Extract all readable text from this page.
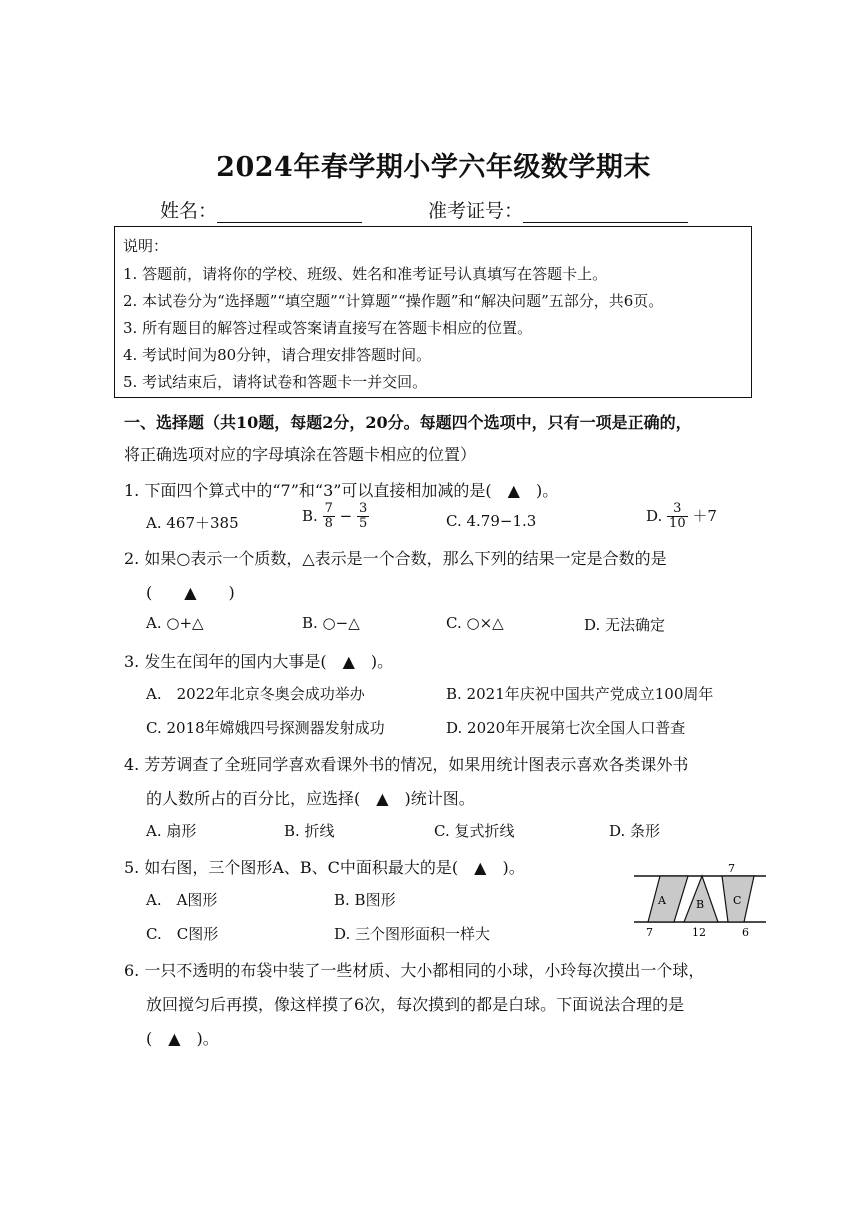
2024年春学期小学六年级数学期末
姓名：	准考证号：
说明：
1. 答题前，请将你的学校、班级、姓名和准考证号认真填写在答题卡上。
2. 本试卷分为“选择题”“填空题”“计算题”“操作题”和“解决问题”五部分，共6页。
3. 所有题目的解答过程或答案请直接写在答题卡相应的位置。
4. 考试时间为80分钟，请合理安排答题时间。
5. 考试结束后，请将试卷和答题卡一并交回。
一、选择题（共10题，每题2分，20分。每题四个选项中，只有一项是正确的，
将正确选项对应的字母填涂在答题卡相应的位置）
1. 下面四个算式中的“7”和“3”可以直接相加减的是(　▲　)。
A. 467＋385	B. $\frac{7}{8} - \frac{3}{5}$	C. 4.79−1.3	D. $\frac{3}{10} +7$
2. 如果○表示一个质数，△表示是一个合数，那么下列的结果一定是合数的是
(　　▲　　)
A. ○+△	B. ○−△	C. ○×△	D. 无法确定
3. 发生在闰年的国内大事是(　▲　)。
A.　2022年北京冬奥会成功举办	B. 2021年庆祝中国共产党成立100周年
C. 2018年嫦娥四号探测器发射成功	D. 2020年开展第七次全国人口普查
4. 芳芳调查了全班同学喜欢看课外书的情况，如果用统计图表示喜欢各类课外书
的人数所占的百分比，应选择(　▲　)统计图。
A. 扇形	B. 折线	C. 复式折线	D. 条形
5. 如右图，三个图形A、B、C中面积最大的是(　▲　)。
A.　A图形	B. B图形
C.　C图形	D. 三个图形面积一样大
A	B	C
7
7	12	6
6. 一只不透明的布袋中装了一些材质、大小都相同的小球，小玲每次摸出一个球，
放回搅匀后再摸，像这样摸了6次，每次摸到的都是白球。下面说法合理的是
(　▲　)。
